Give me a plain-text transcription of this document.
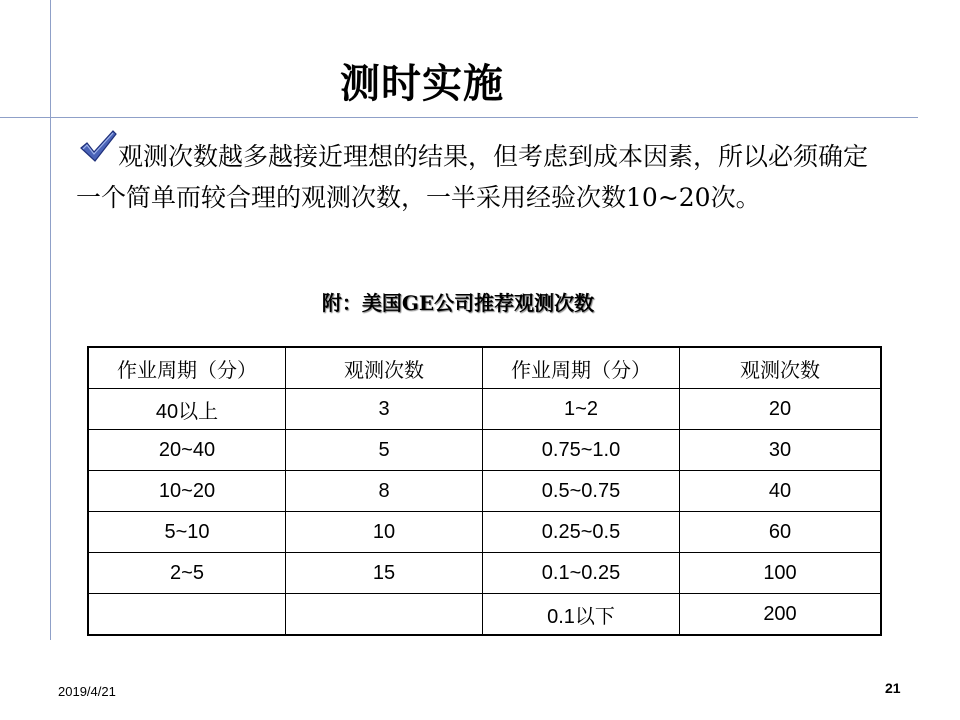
测时实施
观测次数越多越接近理想的结果，但考虑到成本因素，所以必须确定一个简单而较合理的观测次数，一半采用经验次数10~20次。
附：美国GE公司推荐观测次数
作业周期（分）	观测次数	作业周期（分）	观测次数
40以上	3	1~2	20
20~40	5	0.75~1.0	30
10~20	8	0.5~0.75	40
5~10	10	0.25~0.5	60
2~5	15	0.1~0.25	100
		0.1以下	200
2019/4/21	21
